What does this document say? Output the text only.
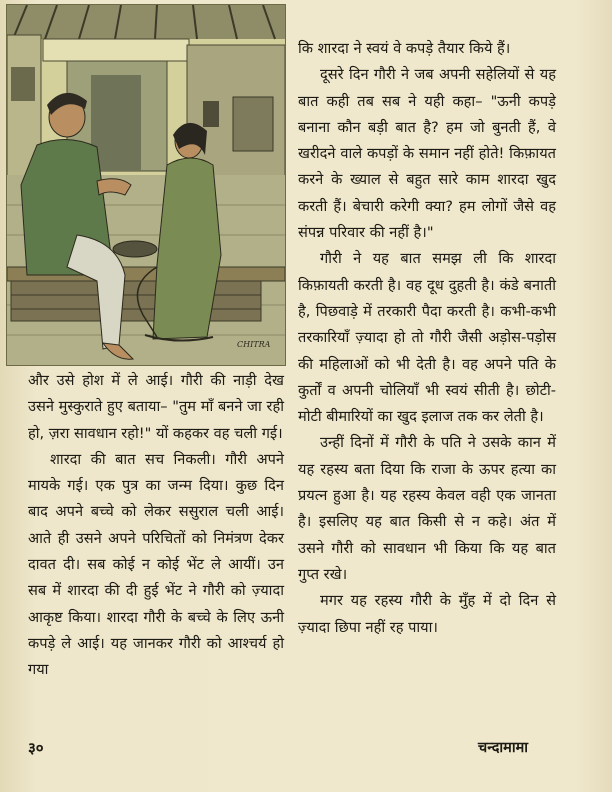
CHITRA

और उसे होश में ले आई। गौरी की नाड़ी देख उसने मुस्कुराते हुए बताया– "तुम माँ बनने जा रही हो, ज़रा सावधान रहो!" यों कहकर वह चली गई।

शारदा की बात सच निकली। गौरी अपने मायके गई। एक पुत्र का जन्म दिया। कुछ दिन बाद अपने बच्चे को लेकर ससुराल चली आई। आते ही उसने अपने परिचितों को निमंत्रण देकर दावत दी। सब कोई न कोई भेंट ले आयीं। उन सब में शारदा की दी हुई भेंट ने गौरी को ज़्यादा आकृष्ट किया। शारदा गौरी के बच्चे के लिए ऊनी कपड़े ले आई। यह जानकर गौरी को आश्चर्य हो गया

कि शारदा ने स्वयं वे कपड़े तैयार किये हैं।

दूसरे दिन गौरी ने जब अपनी सहेलियों से यह बात कही तब सब ने यही कहा– "ऊनी कपड़े बनाना कौन बड़ी बात है? हम जो बुनती हैं, वे खरीदने वाले कपड़ों के समान नहीं होते! किफ़ायत करने के ख्याल से बहुत सारे काम शारदा खुद करती हैं। बेचारी करेगी क्या? हम लोगों जैसे वह संपन्न परिवार की नहीं है।"

गौरी ने यह बात समझ ली कि शारदा किफ़ायती करती है। वह दूध दुहती है। कंडे बनाती है, पिछवाड़े में तरकारी पैदा करती है। कभी-कभी तरकारियाँ ज़्यादा हो तो गौरी जैसी अड़ोस-पड़ोस की महिलाओं को भी देती है। वह अपने पति के कुर्तों व अपनी चोलियाँ भी स्वयं सीती है। छोटी-मोटी बीमारियों का खुद इलाज तक कर लेती है।

उन्हीं दिनों में गौरी के पति ने उसके कान में यह रहस्य बता दिया कि राजा के ऊपर हत्या का प्रयत्न हुआ है। यह रहस्य केवल वही एक जानता है। इसलिए यह बात किसी से न कहे। अंत में उसने गौरी को सावधान भी किया कि यह बात गुप्त रखे।

मगर यह रहस्य गौरी के मुँह में दो दिन से ज़्यादा छिपा नहीं रह पाया।

३०	चन्दामामा
